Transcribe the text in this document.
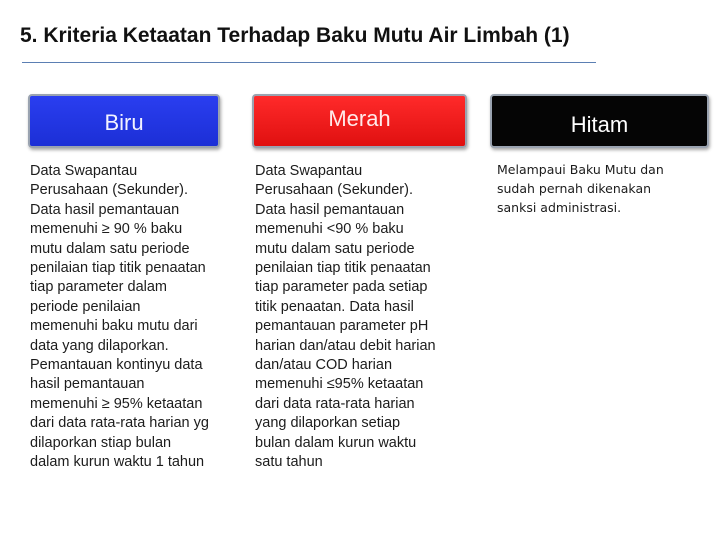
5. Kriteria Ketaatan Terhadap Baku Mutu Air Limbah (1)
Biru	Merah	Hitam
Data Swapantau
Perusahaan (Sekunder).
Data hasil pemantauan
memenuhi ≥ 90 % baku
mutu dalam satu periode
penilaian tiap titik penaatan
tiap parameter dalam
periode penilaian
memenuhi baku mutu dari
data yang dilaporkan.
Pemantauan kontinyu data
hasil pemantauan
memenuhi ≥ 95% ketaatan
dari data rata-rata harian yg
dilaporkan stiap bulan
dalam kurun waktu 1 tahun
Data Swapantau
Perusahaan (Sekunder).
Data hasil pemantauan
memenuhi <90 % baku
mutu dalam satu periode
penilaian tiap titik penaatan
tiap parameter pada setiap
titik penaatan. Data hasil
pemantauan parameter pH
harian dan/atau debit harian
dan/atau COD harian
memenuhi ≤95% ketaatan
dari data rata-rata harian
yang dilaporkan setiap
bulan dalam kurun waktu
satu tahun
Melampaui Baku Mutu dan
sudah pernah dikenakan
sanksi administrasi.
